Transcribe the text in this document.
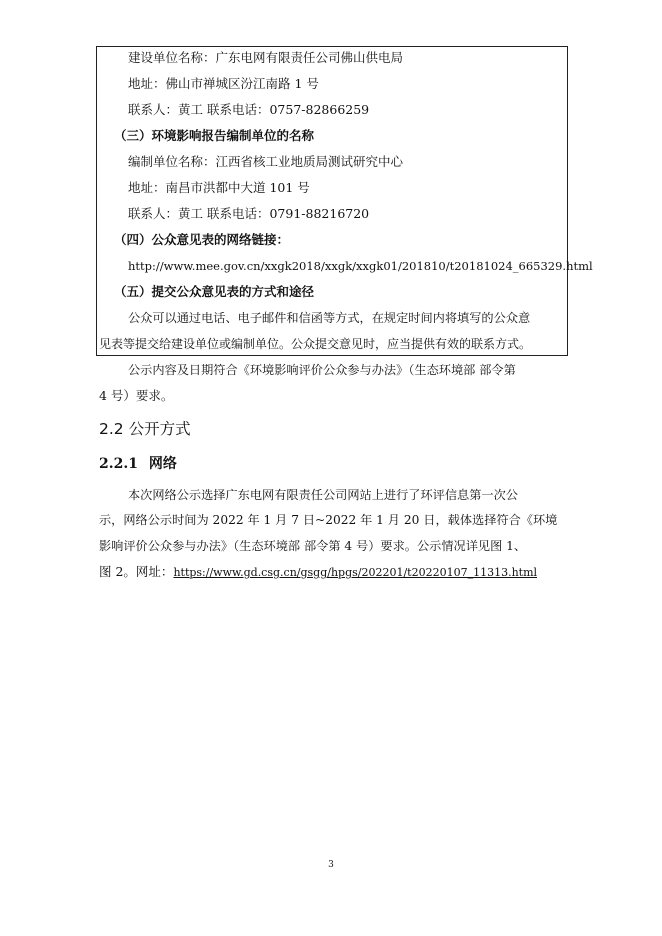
建设单位名称：广东电网有限责任公司佛山供电局
地址：佛山市禅城区汾江南路 1 号
联系人：黄工 联系电话：0757-82866259
（三）环境影响报告编制单位的名称
编制单位名称：江西省核工业地质局测试研究中心
地址：南昌市洪都中大道 101 号
联系人：黄工 联系电话：0791-88216720
（四）公众意见表的网络链接：
http://www.mee.gov.cn/xxgk2018/xxgk/xxgk01/201810/t20181024_665329.html
（五）提交公众意见表的方式和途径
公众可以通过电话、电子邮件和信函等方式，在规定时间内将填写的公众意
见表等提交给建设单位或编制单位。公众提交意见时，应当提供有效的联系方式。
公示内容及日期符合《环境影响评价公众参与办法》（生态环境部 部令第
4 号）要求。
2.2 公开方式
2.2.1 网络
本次网络公示选择广东电网有限责任公司网站上进行了环评信息第一次公
示，网络公示时间为 2022 年 1 月 7 日~2022 年 1 月 20 日，载体选择符合《环境
影响评价公众参与办法》（生态环境部 部令第 4 号）要求。公示情况详见图 1、
图 2。网址：https://www.gd.csg.cn/gsgg/hpgs/202201/t20220107_11313.html
3
